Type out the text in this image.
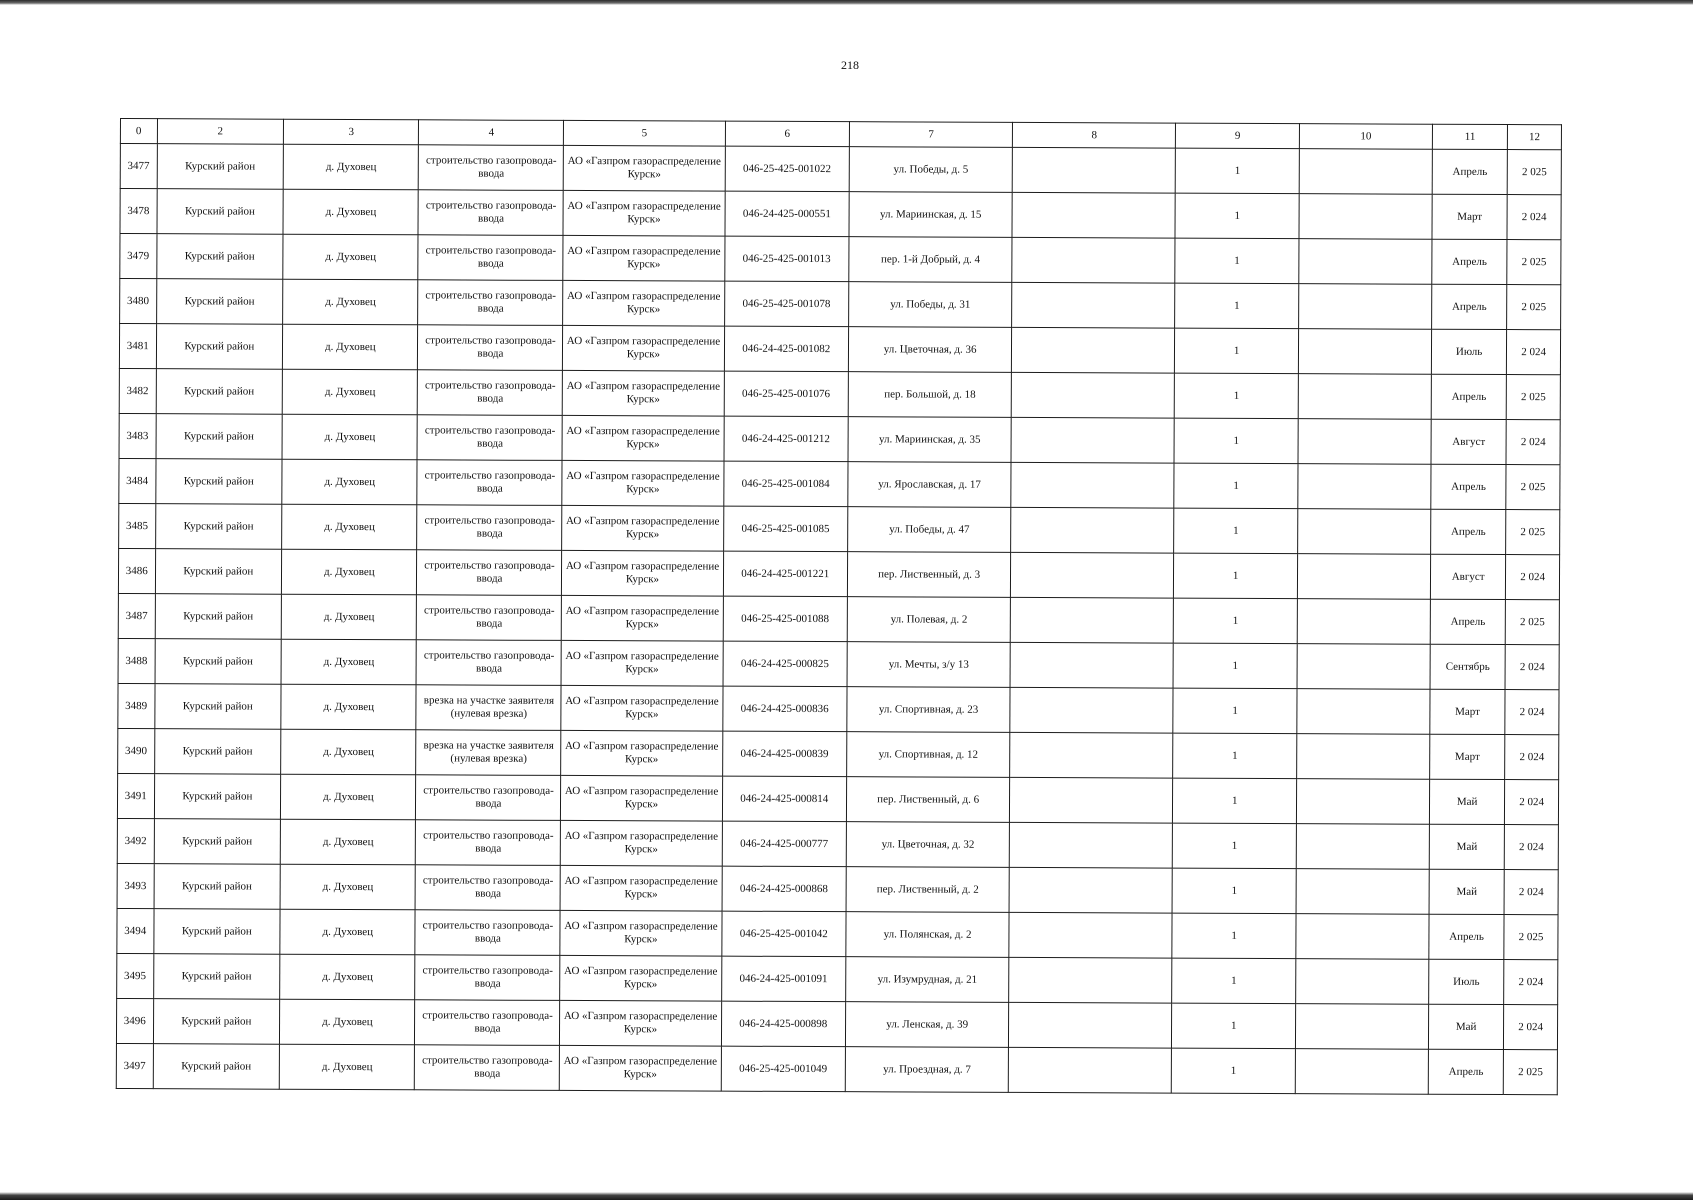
218
0	2	3	4	5	6	7	8	9	10	11	12
3477	Курский район	д. Духовец	строительство газопровода-ввода	АО «Газпром газораспределение Курск»	046-25-425-001022	ул. Победы, д. 5		1		Апрель	2 025
3478	Курский район	д. Духовец	строительство газопровода-ввода	АО «Газпром газораспределение Курск»	046-24-425-000551	ул. Мариинская, д. 15		1		Март	2 024
3479	Курский район	д. Духовец	строительство газопровода-ввода	АО «Газпром газораспределение Курск»	046-25-425-001013	пер. 1-й Добрый, д. 4		1		Апрель	2 025
3480	Курский район	д. Духовец	строительство газопровода-ввода	АО «Газпром газораспределение Курск»	046-25-425-001078	ул. Победы, д. 31		1		Апрель	2 025
3481	Курский район	д. Духовец	строительство газопровода-ввода	АО «Газпром газораспределение Курск»	046-24-425-001082	ул. Цветочная, д. 36		1		Июль	2 024
3482	Курский район	д. Духовец	строительство газопровода-ввода	АО «Газпром газораспределение Курск»	046-25-425-001076	пер. Большой, д. 18		1		Апрель	2 025
3483	Курский район	д. Духовец	строительство газопровода-ввода	АО «Газпром газораспределение Курск»	046-24-425-001212	ул. Мариинская, д. 35		1		Август	2 024
3484	Курский район	д. Духовец	строительство газопровода-ввода	АО «Газпром газораспределение Курск»	046-25-425-001084	ул. Ярославская, д. 17		1		Апрель	2 025
3485	Курский район	д. Духовец	строительство газопровода-ввода	АО «Газпром газораспределение Курск»	046-25-425-001085	ул. Победы, д. 47		1		Апрель	2 025
3486	Курский район	д. Духовец	строительство газопровода-ввода	АО «Газпром газораспределение Курск»	046-24-425-001221	пер. Лиственный, д. 3		1		Август	2 024
3487	Курский район	д. Духовец	строительство газопровода-ввода	АО «Газпром газораспределение Курск»	046-25-425-001088	ул. Полевая, д. 2		1		Апрель	2 025
3488	Курский район	д. Духовец	строительство газопровода-ввода	АО «Газпром газораспределение Курск»	046-24-425-000825	ул. Мечты, з/у 13		1		Сентябрь	2 024
3489	Курский район	д. Духовец	врезка на участке заявителя (нулевая врезка)	АО «Газпром газораспределение Курск»	046-24-425-000836	ул. Спортивная, д. 23		1		Март	2 024
3490	Курский район	д. Духовец	врезка на участке заявителя (нулевая врезка)	АО «Газпром газораспределение Курск»	046-24-425-000839	ул. Спортивная, д. 12		1		Март	2 024
3491	Курский район	д. Духовец	строительство газопровода-ввода	АО «Газпром газораспределение Курск»	046-24-425-000814	пер. Лиственный, д. 6		1		Май	2 024
3492	Курский район	д. Духовец	строительство газопровода-ввода	АО «Газпром газораспределение Курск»	046-24-425-000777	ул. Цветочная, д. 32		1		Май	2 024
3493	Курский район	д. Духовец	строительство газопровода-ввода	АО «Газпром газораспределение Курск»	046-24-425-000868	пер. Лиственный, д. 2		1		Май	2 024
3494	Курский район	д. Духовец	строительство газопровода-ввода	АО «Газпром газораспределение Курск»	046-25-425-001042	ул. Полянская, д. 2		1		Апрель	2 025
3495	Курский район	д. Духовец	строительство газопровода-ввода	АО «Газпром газораспределение Курск»	046-24-425-001091	ул. Изумрудная, д. 21		1		Июль	2 024
3496	Курский район	д. Духовец	строительство газопровода-ввода	АО «Газпром газораспределение Курск»	046-24-425-000898	ул. Ленская, д. 39		1		Май	2 024
3497	Курский район	д. Духовец	строительство газопровода-ввода	АО «Газпром газораспределение Курск»	046-25-425-001049	ул. Проездная, д. 7		1		Апрель	2 025
